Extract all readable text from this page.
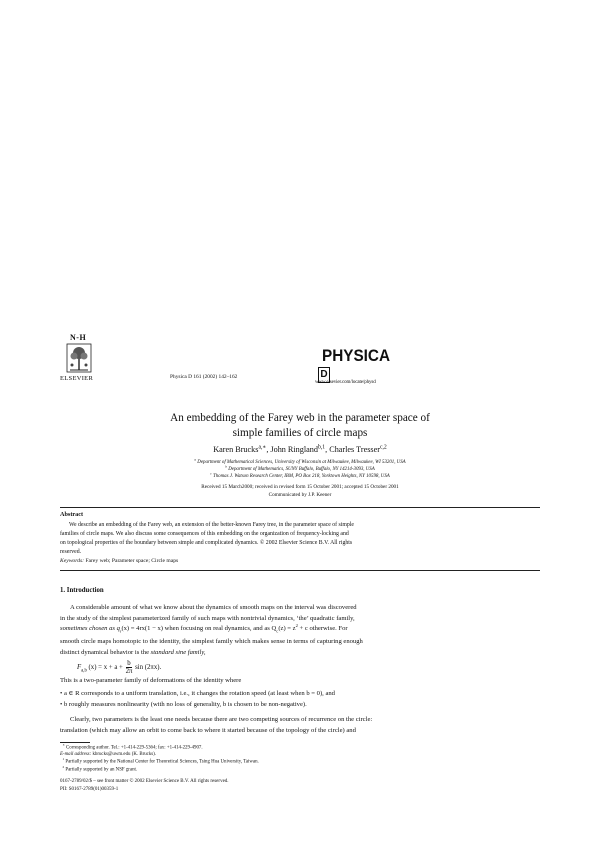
N-H
ELSEVIER	Physica D 161 (2002) 142–162
PHYSICA D
www.elsevier.com/locate/physd
An embedding of the Farey web in the parameter space of
simple families of circle maps
Karen Brucks$^{a,∗}$, John Ringland$^{b,1}$, Charles Tresser$^{c,2}$
$^a$ Department of Mathematical Sciences, University of Wisconsin at Milwaukee, Milwaukee, WI 53201, USA
$^b$ Department of Mathematics, SUNY Buffalo, Buffalo, NY 14214-3093, USA
$^c$ Thomas J. Watson Research Center, IBM, PO Box 218, Yorktown Heights, NY 10598, USA
Received 15 March2000; received in revised form 15 October 2001; accepted 15 October 2001
Communicated by J.P. Keener
Abstract
We describe an embedding of the Farey web, an extension of the better-known Farey tree, in the parameter space of simple
families of circle maps. We also discuss some consequences of this embedding on the organization of frequency-locking and
on topological properties of the boundary between simple and complicated dynamics. © 2002 Elsevier Science B.V. All rights
reserved.
Keywords: Farey web; Parameter space; Circle maps
1. Introduction
A considerable amount of what we know about the dynamics of smooth maps on the interval was discovered
in the study of the simplest parameterized family of such maps with nontrivial dynamics, ‘the’ quadratic family,
sometimes chosen as $q_r(x) = 4rx(1 - x)$ when focusing on real dynamics, and as $Q_c(z) = z^2 + c$ otherwise. For
smooth circle maps homotopic to the identity, the simplest family which makes sense in terms of capturing enough
distinct dynamical behavior is the standard sine family,
$F_{a,b}$ $(x) = x + a + \frac{b}{2\pi}$ sin (2πx).
This is a two-parameter family of deformations of the identity where
• a ∈ R corresponds to a uniform translation, i.e., it changes the rotation speed (at least when b = 0), and
• b roughly measures nonlinearity (with no loss of generality, b is chosen to be non-negative).
Clearly, two parameters is the least one needs because there are two competing sources of recurrence on the circle:
translation (which may allow an orbit to come back to where it started because of the topology of the circle) and
∗ Corresponding author. Tel.: +1-414-229-5364; fax: +1-414-229-4907.
E-mail address: kbrucks@uwm.edu (K. Brucks).
$^1$ Partially supported by the National Center for Theoretical Sciences, Tsing Hua University, Taiwan.
$^2$ Partially supported by an NSF grant.
0167-2789/02/$ – see front matter © 2002 Elsevier Science B.V. All rights reserved.
PII: S0167-2789(01)00359-1
